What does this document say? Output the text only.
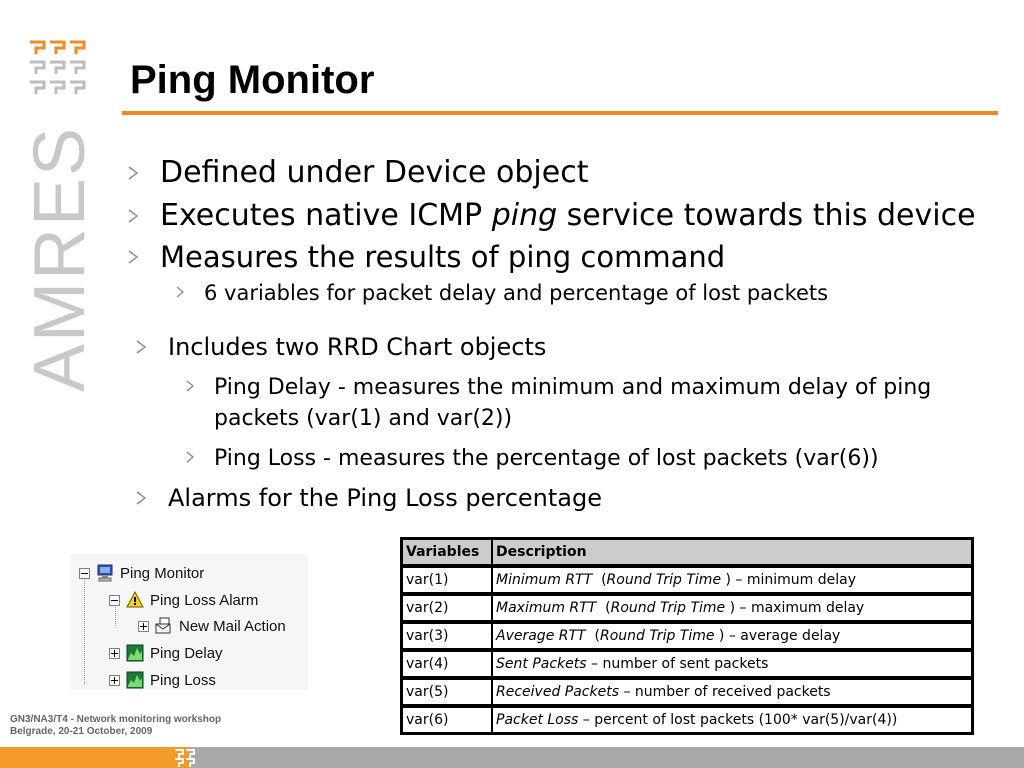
AMRES
Ping Monitor
Defined under Device object
Executes native ICMP ping service towards this device
Measures the results of ping command
6 variables for packet delay and percentage of lost packets
Includes two RRD Chart objects
Ping Delay - measures the minimum and maximum delay of ping packets (var(1) and var(2))
Ping Loss - measures the percentage of lost packets (var(6))
Alarms for the Ping Loss percentage
Ping Monitor
Ping Loss Alarm
New Mail Action
Ping Delay
Ping Loss
Variables	Description
var(1)	Minimum RTT  (Round Trip Time ) – minimum delay
var(2)	Maximum RTT  (Round Trip Time ) – maximum delay
var(3)	Average RTT  (Round Trip Time ) – average delay
var(4)	Sent Packets – number of sent packets
var(5)	Received Packets – number of received packets
var(6)	Packet Loss – percent of lost packets (100* var(5)/var(4))
GN3/NA3/T4 - Network monitoring workshop
Belgrade, 20-21 October, 2009
